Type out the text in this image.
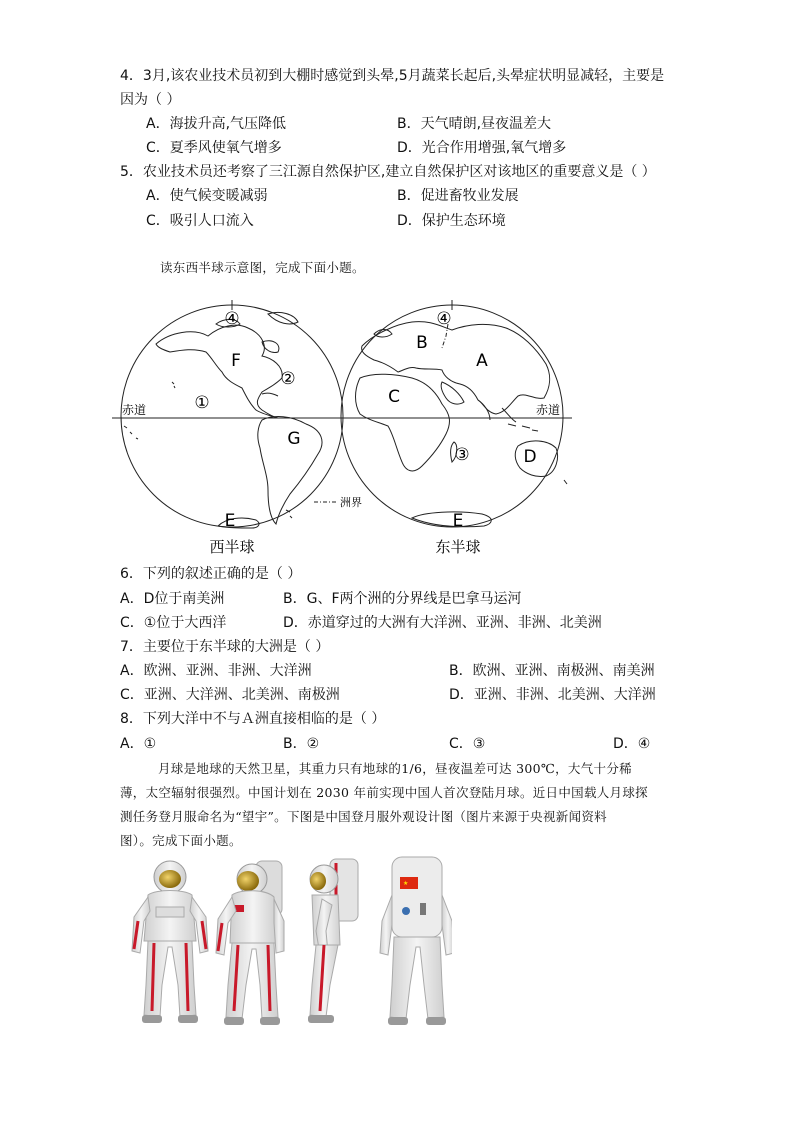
4．3月,该农业技术员初到大棚时感觉到头晕,5月蔬菜长起后,头晕症状明显减轻，主要是
因为（ ）
A．海拔升高,气压降低	B．天气晴朗,昼夜温差大
C．夏季风使氧气增多	D．光合作用增强,氧气增多
5．农业技术员还考察了三江源自然保护区,建立自然保护区对该地区的重要意义是（ ）
A．使气候变暖减弱	B．促进畜牧业发展
C．吸引人口流入	D．保护生态环境
读东西半球示意图，完成下面小题。
④
F
②
①
G
E
赤道
洲界
④
B
A
C
③	D
E
赤道
西半球	东半球
6．下列的叙述正确的是（ ）
A．D位于南美洲	B．G、F两个洲的分界线是巴拿马运河
C．①位于大西洋	D．赤道穿过的大洲有大洋洲、亚洲、非洲、北美洲
7．主要位于东半球的大洲是（ ）
A．欧洲、亚洲、非洲、大洋洲	B．欧洲、亚洲、南极洲、南美洲
C．亚洲、大洋洲、北美洲、南极洲	D．亚洲、非洲、北美洲、大洋洲
8．下列大洋中不与Ａ洲直接相临的是（ ）
A．①	B．②	C．③	D．④
月球是地球的天然卫星，其重力只有地球的1/6，昼夜温差可达 300℃，大气十分稀
薄，太空辐射很强烈。中国计划在 2030 年前实现中国人首次登陆月球。近日中国载人月球探
测任务登月服命名为“望宇”。下图是中国登月服外观设计图（图片来源于央视新闻资料
图）。完成下面小题。
★
